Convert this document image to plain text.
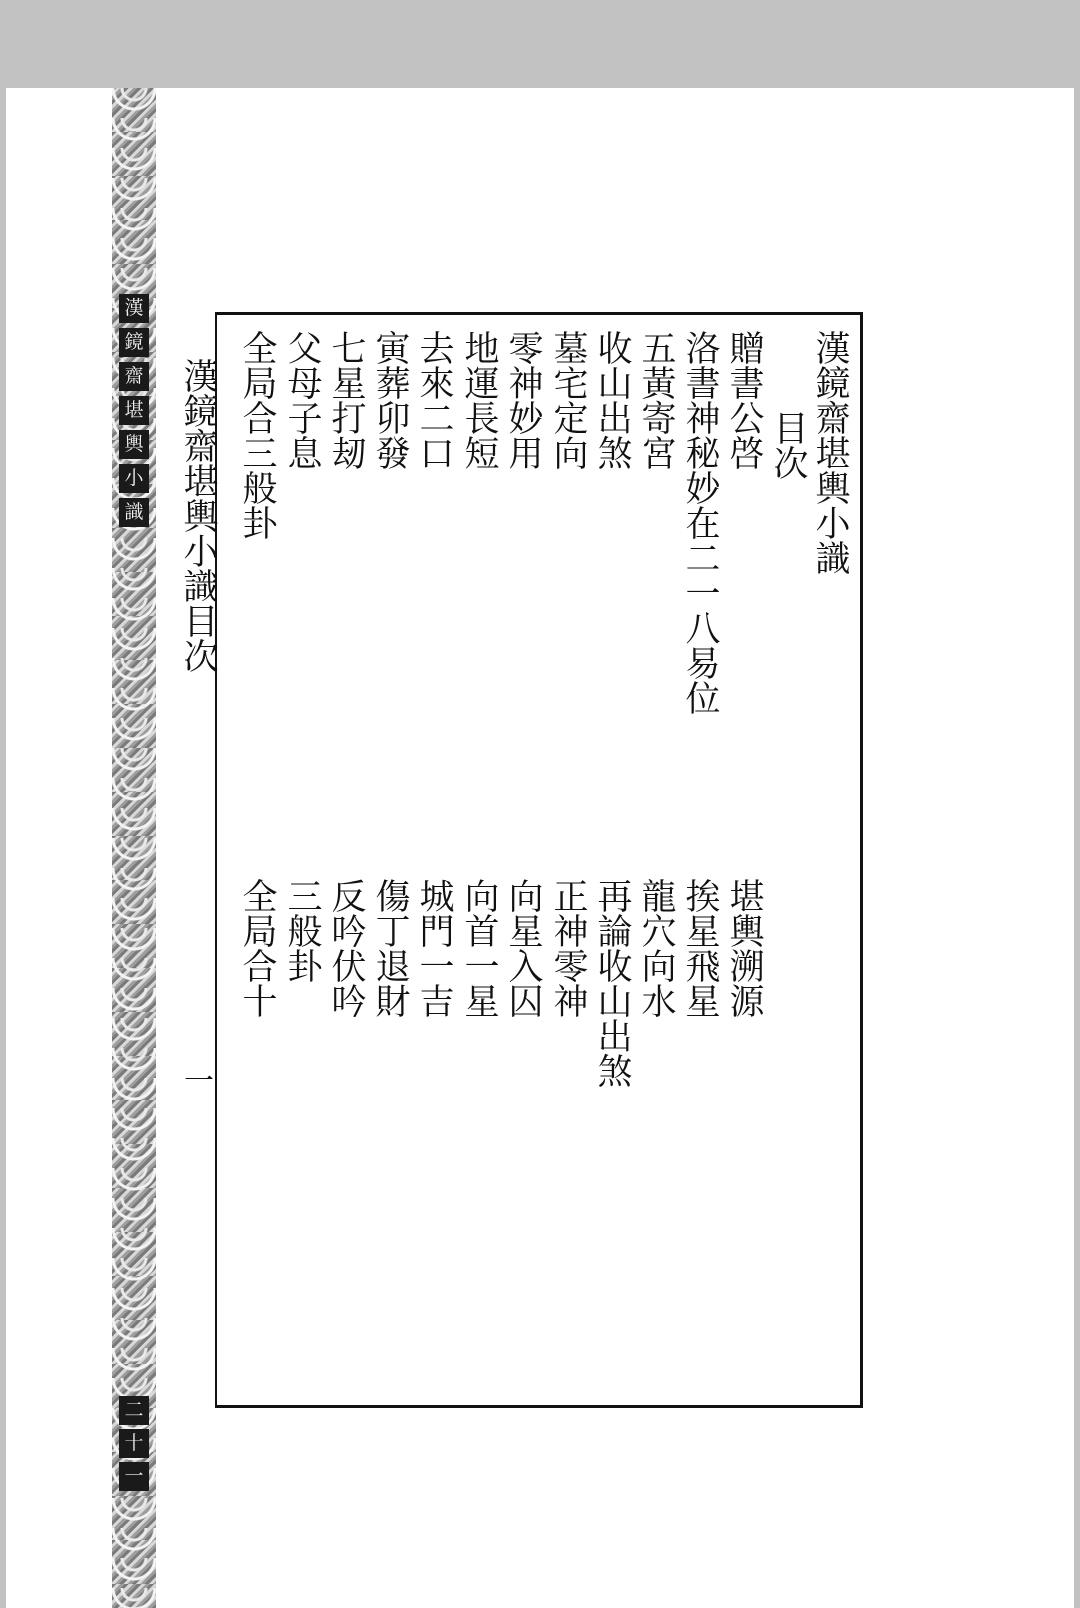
漢
鏡
齋
堪
輿
小
識
二
十
一
漢鏡齋堪輿小識
目次
贈書公啓
洛書神秘妙在二一八易位
五黃寄宮
收山出煞
墓宅定向
零神妙用
地運長短
去來二口
寅葬卯發
七星打刼
父母子息
全局合三般卦
堪輿溯源
挨星飛星
龍穴向水
再論收山出煞
正神零神
向星入囚
向首一星
城門一吉
傷丁退財
反吟伏吟
三般卦
全局合十
漢鏡齋堪輿小識目次
一
